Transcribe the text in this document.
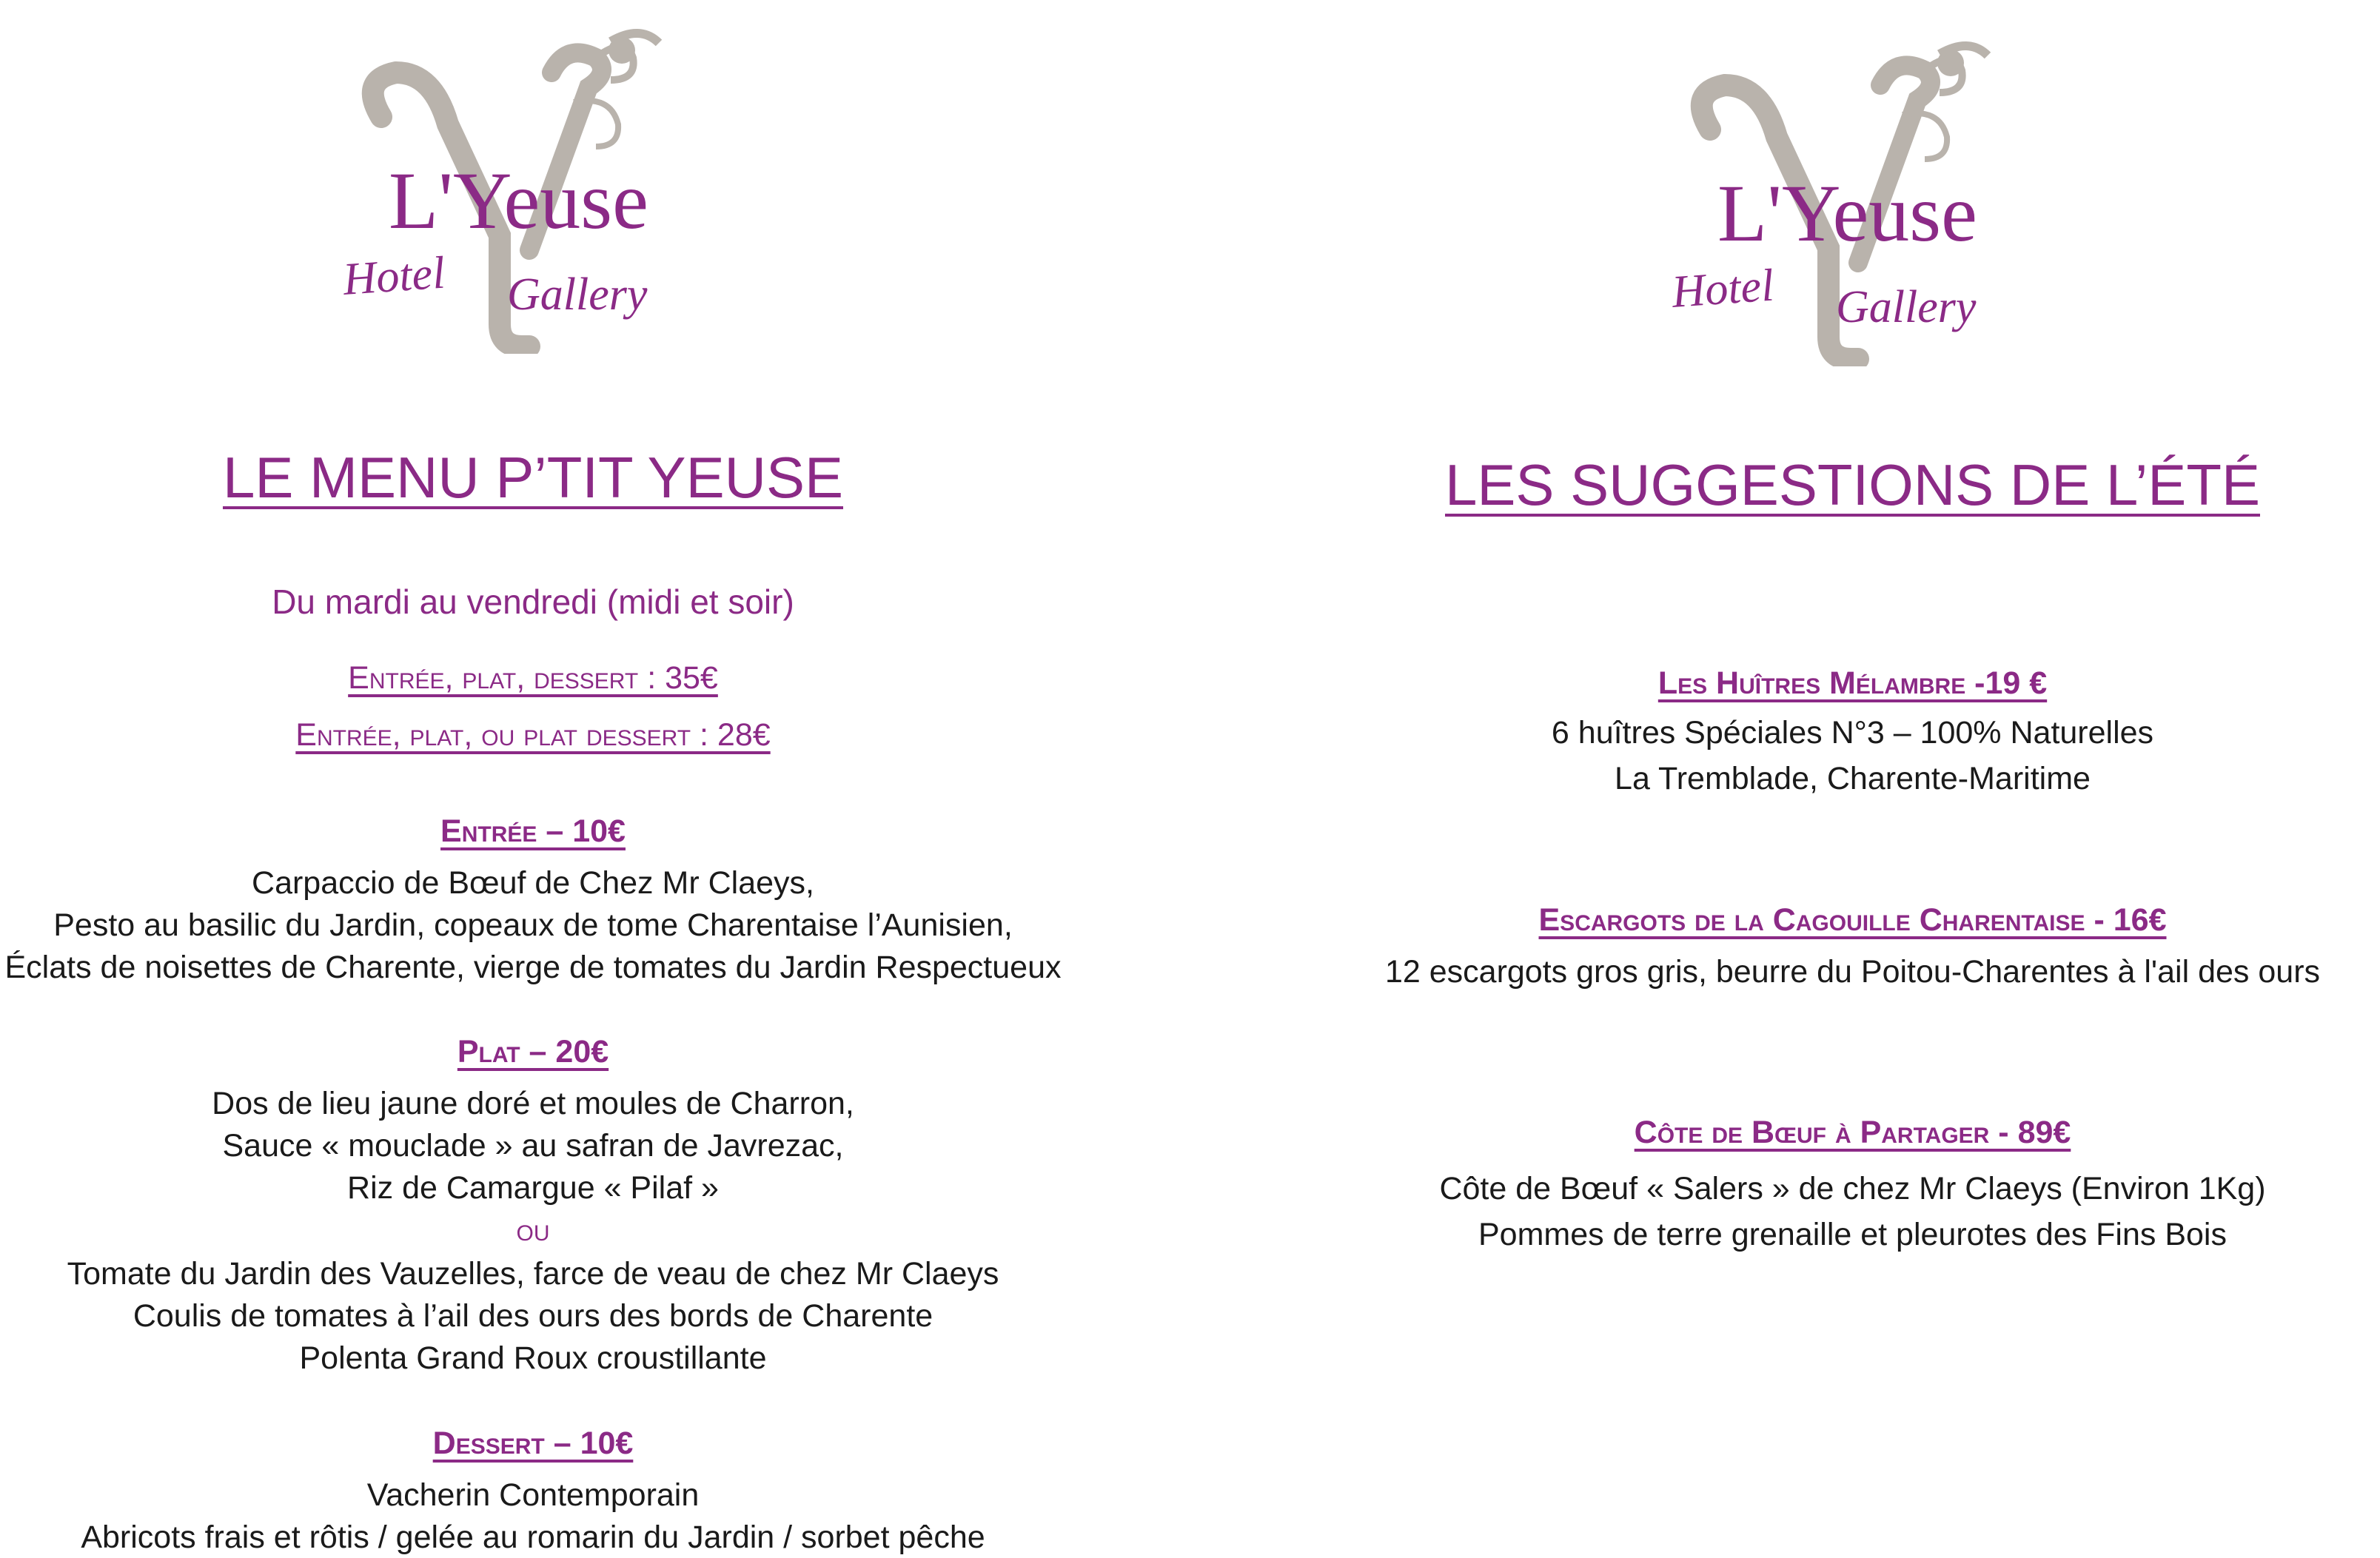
L'Yeuse
Hotel Gallery
LE MENU P’TIT YEUSE

Du mardi au vendredi (midi et soir)

Entrée, plat, dessert : 35€

Entrée, plat, ou plat dessert : 28€

Entrée – 10€

Carpaccio de Bœuf de Chez Mr Claeys,

Pesto au basilic du Jardin, copeaux de tome Charentaise l’Aunisien,

Éclats de noisettes de Charente, vierge de tomates du Jardin Respectueux

Plat – 20€

Dos de lieu jaune doré et moules de Charron,

Sauce « mouclade » au safran de Javrezac,

Riz de Camargue « Pilaf »

ou

Tomate du Jardin des Vauzelles, farce de veau de chez Mr Claeys

Coulis de tomates à l’ail des ours des bords de Charente

Polenta Grand Roux croustillante

Dessert – 10€

Vacherin Contemporain

Abricots frais et rôtis / gelée au romarin du Jardin / sorbet pêche

L'Yeuse
Hotel Gallery
LES SUGGESTIONS DE L’ÉTÉ

Les Huîtres Mélambre -19 €

6 huîtres Spéciales N°3 – 100% Naturelles

La Tremblade, Charente-Maritime

Escargots de la Cagouille Charentaise - 16€

12 escargots gros gris, beurre du Poitou-Charentes à l'ail des ours

Côte de Bœuf à Partager - 89€

Côte de Bœuf « Salers » de chez Mr Claeys (Environ 1Kg)

Pommes de terre grenaille et pleurotes des Fins Bois
